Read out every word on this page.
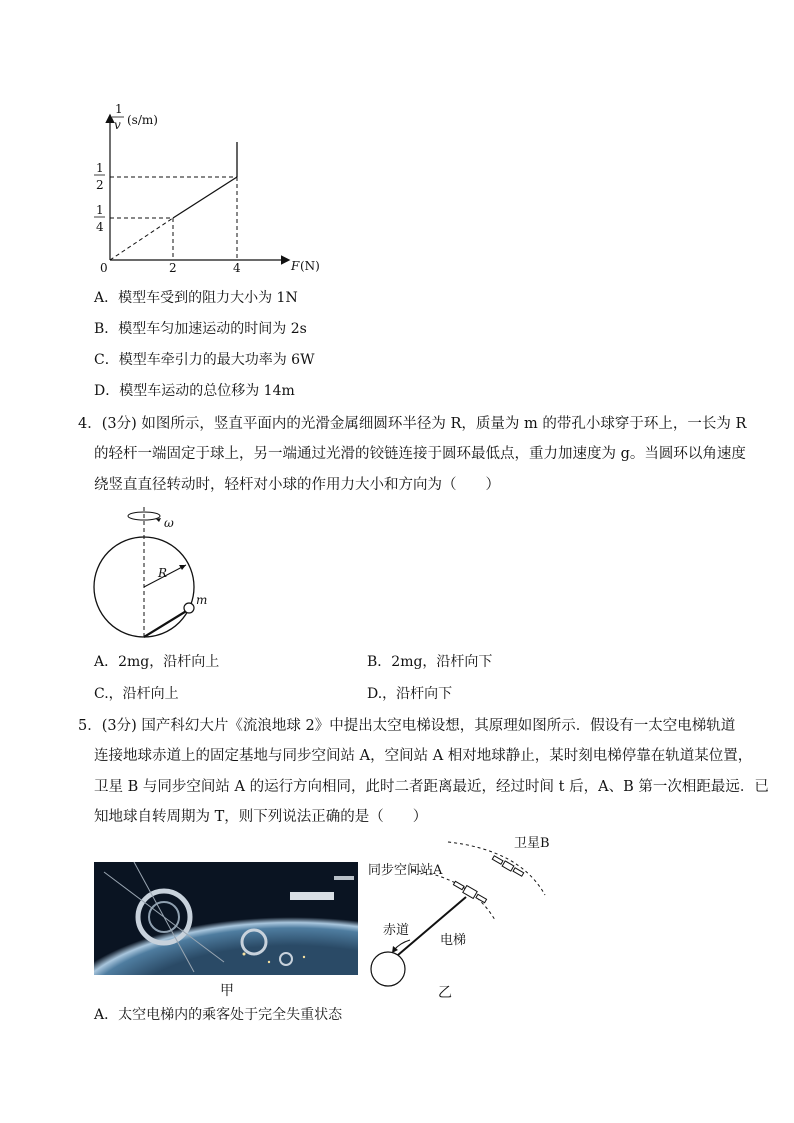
1
v (s/m)
1
2
1
4
0	2	4	F (N)
A．模型车受到的阻力大小为 1N
B．模型车匀加速运动的时间为 2s
C．模型车牵引力的最大功率为 6W
D．模型车运动的总位移为 14m
4．(3分) 如图所示，竖直平面内的光滑金属细圆环半径为 R，质量为 m 的带孔小球穿于环上，一长为 R
的轻杆一端固定于球上，另一端通过光滑的铰链连接于圆环最低点，重力加速度为 g。当圆环以角速度
绕竖直直径转动时，轻杆对小球的作用力大小和方向为（　　）
ω
R
m
A．2mg，沿杆向上	B．2mg，沿杆向下
C.，沿杆向上	D.，沿杆向下
5．(3分) 国产科幻大片《流浪地球 2》中提出太空电梯设想，其原理如图所示．假设有一太空电梯轨道
连接地球赤道上的固定基地与同步空间站 A，空间站 A 相对地球静止，某时刻电梯停靠在轨道某位置，
卫星 B 与同步空间站 A 的运行方向相同，此时二者距离最近，经过时间 t 后，A、B 第一次相距最远．已
知地球自转周期为 T，则下列说法正确的是（　　）
甲
卫星B
同步空间站A
赤道
电梯
乙
A．太空电梯内的乘客处于完全失重状态
